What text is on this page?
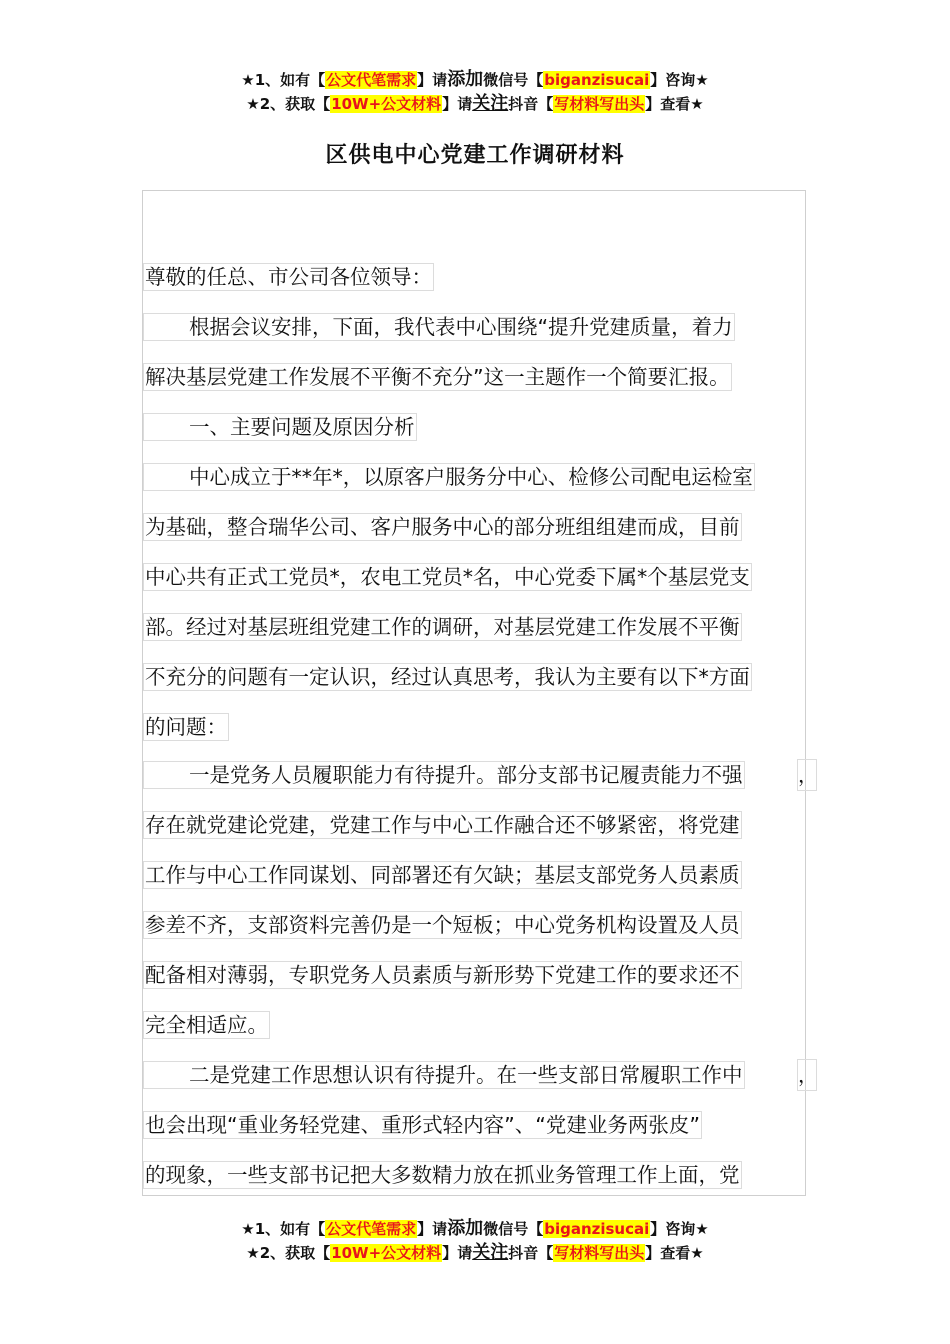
★1、如有【公文代笔需求】请添加微信号【biganzisucai】咨询★
★2、获取【10W+公文材料】请关注抖音【写材料写出头】查看★
区供电中心党建工作调研材料
尊敬的任总、市公司各位领导：
根据会议安排，下面，我代表中心围绕“提升党建质量，着力
解决基层党建工作发展不平衡不充分”这一主题作一个简要汇报。
一、主要问题及原因分析
中心成立于**年*，以原客户服务分中心、检修公司配电运检室
为基础，整合瑞华公司、客户服务中心的部分班组组建而成，目前
中心共有正式工党员*，农电工党员*名，中心党委下属*个基层党支
部。经过对基层班组党建工作的调研，对基层党建工作发展不平衡
不充分的问题有一定认识，经过认真思考，我认为主要有以下*方面
的问题：
一是党务人员履职能力有待提升。部分支部书记履责能力不强	，
存在就党建论党建，党建工作与中心工作融合还不够紧密，将党建
工作与中心工作同谋划、同部署还有欠缺；基层支部党务人员素质
参差不齐，支部资料完善仍是一个短板；中心党务机构设置及人员
配备相对薄弱，专职党务人员素质与新形势下党建工作的要求还不
完全相适应。
二是党建工作思想认识有待提升。在一些支部日常履职工作中	，
也会出现“重业务轻党建、重形式轻内容”、“党建业务两张皮”
的现象，一些支部书记把大多数精力放在抓业务管理工作上面，党
★1、如有【公文代笔需求】请添加微信号【biganzisucai】咨询★
★2、获取【10W+公文材料】请关注抖音【写材料写出头】查看★
